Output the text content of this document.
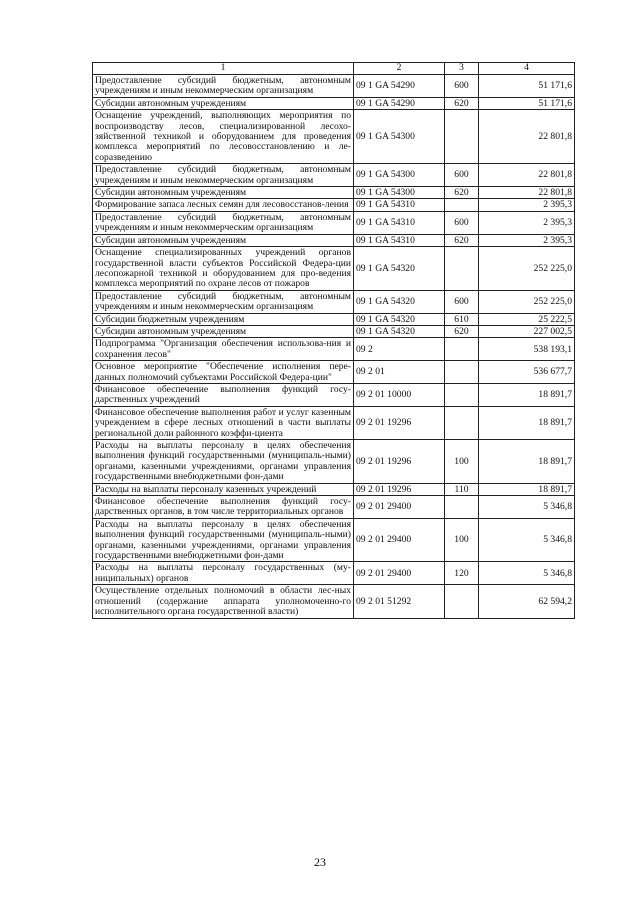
1	2	3	4
Предоставление субсидий бюджетным, автономным учреждениям и иным некоммерческим организациям	09 1 GA 54290	600	51 171,6
Субсидии автономным учреждениям	09 1 GA 54290	620	51 171,6
Оснащение учреждений, выполняющих мероприятия по воспроизводству лесов, специализированной лесохо-зяйственной техникой и оборудованием для проведения комплекса мероприятий по лесовосстановлению и ле-соразведению	09 1 GA 54300		22 801,8
Предоставление субсидий бюджетным, автономным учреждениям и иным некоммерческим организациям	09 1 GA 54300	600	22 801,8
Субсидии автономным учреждениям	09 1 GA 54300	620	22 801,8
Формирование запаса лесных семян для лесовосстанов-ления	09 1 GA 54310		2 395,3
Предоставление субсидий бюджетным, автономным учреждениям и иным некоммерческим организациям	09 1 GA 54310	600	2 395,3
Субсидии автономным учреждениям	09 1 GA 54310	620	2 395,3
Оснащение специализированных учреждений органов государственной власти субъектов Российской Федера-ции лесопожарной техникой и оборудованием для про-ведения комплекса мероприятий по охране лесов от пожаров	09 1 GA 54320		252 225,0
Предоставление субсидий бюджетным, автономным учреждениям и иным некоммерческим организациям	09 1 GA 54320	600	252 225,0
Субсидии бюджетным учреждениям	09 1 GA 54320	610	25 222,5
Субсидии автономным учреждениям	09 1 GA 54320	620	227 002,5
Подпрограмма "Организация обеспечения использова-ния и сохранения лесов"	09 2		538 193,1
Основное мероприятие "Обеспечение исполнения пере-данных полномочий субъектами Российской Федера-ции"	09 2 01		536 677,7
Финансовое обеспечение выполнения функций госу-дарственных учреждений	09 2 01 10000		18 891,7
Финансовое обеспечение выполнения работ и услуг казенным учреждением в сфере лесных отношений в части выплаты региональной доли районного коэффи-циента	09 2 01 19296		18 891,7
Расходы на выплаты персоналу в целях обеспечения выполнения функций государственными (муниципаль-ными) органами, казенными учреждениями, органами управления государственными внебюджетными фон-дами	09 2 01 19296	100	18 891,7
Расходы на выплаты персоналу казенных учреждений	09 2 01 19296	110	18 891,7
Финансовое обеспечение выполнения функций госу-дарственных органов, в том числе территориальных органов	09 2 01 29400		5 346,8
Расходы на выплаты персоналу в целях обеспечения выполнения функций государственными (муниципаль-ными) органами, казенными учреждениями, органами управления государственными внебюджетными фон-дами	09 2 01 29400	100	5 346,8
Расходы на выплаты персоналу государственных (му-ниципальных) органов	09 2 01 29400	120	5 346,8
Осуществление отдельных полномочий в области лес-ных отношений (содержание аппарата уполномоченно-го исполнительного органа государственной власти)	09 2 01 51292		62 594,2
23
